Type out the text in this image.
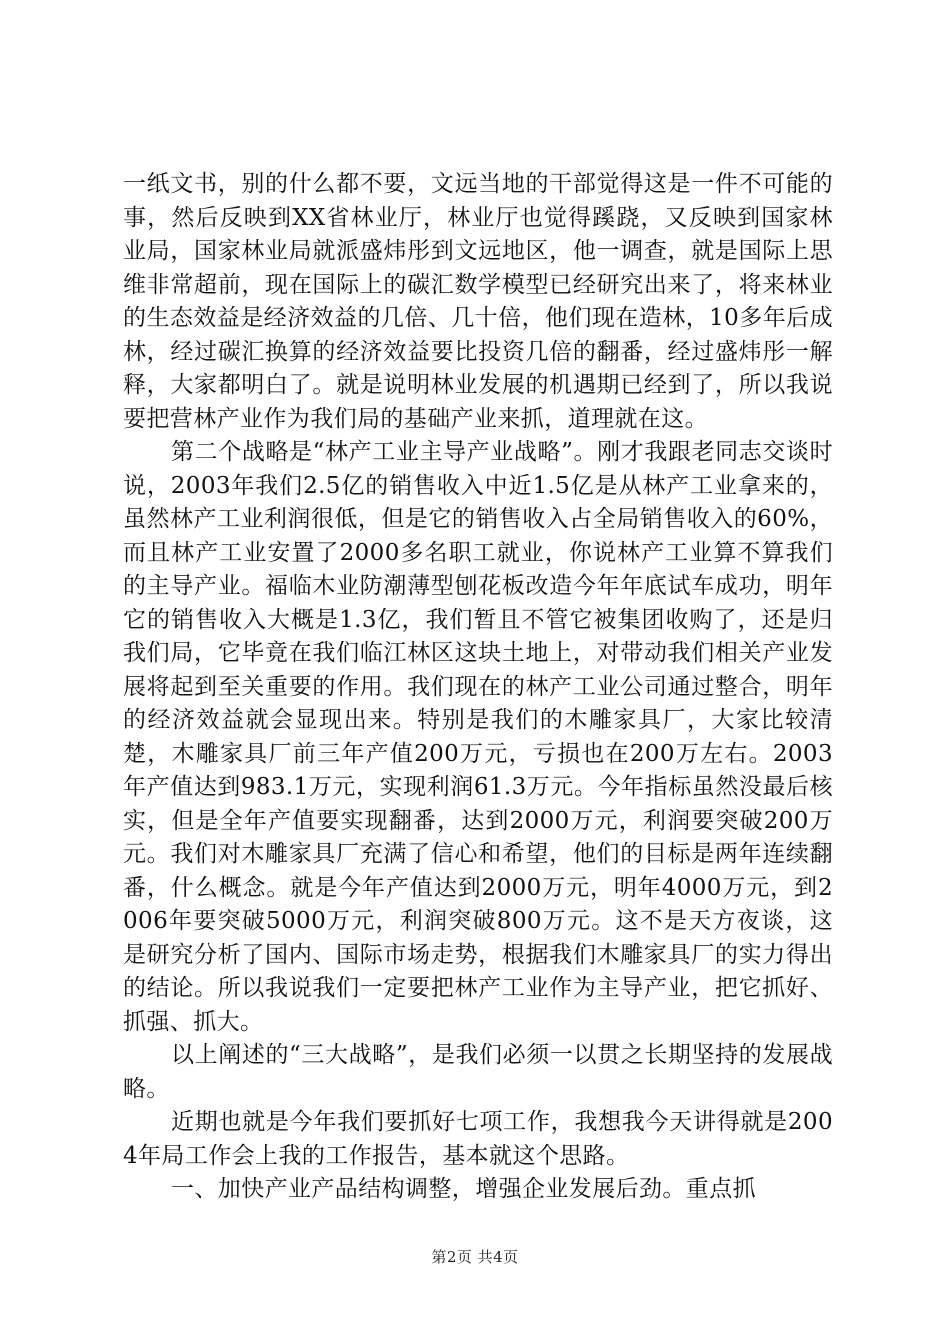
一纸文书，别的什么都不要，文远当地的干部觉得这是一件不可能的事，然后反映到XX省林业厅，林业厅也觉得蹊跷，又反映到国家林业局，国家林业局就派盛炜彤到文远地区，他一调查，就是国际上思维非常超前，现在国际上的碳汇数学模型已经研究出来了，将来林业的生态效益是经济效益的几倍、几十倍，他们现在造林，10多年后成林，经过碳汇换算的经济效益要比投资几倍的翻番，经过盛炜彤一解释，大家都明白了。就是说明林业发展的机遇期已经到了，所以我说要把营林产业作为我们局的基础产业来抓，道理就在这。

第二个战略是“林产工业主导产业战略”。刚才我跟老同志交谈时说，2003年我们2.5亿的销售收入中近1.5亿是从林产工业拿来的，虽然林产工业利润很低，但是它的销售收入占全局销售收入的60%，而且林产工业安置了2000多名职工就业，你说林产工业算不算我们的主导产业。福临木业防潮薄型刨花板改造今年年底试车成功，明年它的销售收入大概是1.3亿，我们暂且不管它被集团收购了，还是归我们局，它毕竟在我们临江林区这块土地上，对带动我们相关产业发展将起到至关重要的作用。我们现在的林产工业公司通过整合，明年的经济效益就会显现出来。特别是我们的木雕家具厂，大家比较清楚，木雕家具厂前三年产值200万元，亏损也在200万左右。2003年产值达到983.1万元，实现利润61.3万元。今年指标虽然没最后核实，但是全年产值要实现翻番，达到2000万元，利润要突破200万元。我们对木雕家具厂充满了信心和希望，他们的目标是两年连续翻番，什么概念。就是今年产值达到2000万元，明年4000万元，到2006年要突破5000万元，利润突破800万元。这不是天方夜谈，这是研究分析了国内、国际市场走势，根据我们木雕家具厂的实力得出的结论。所以我说我们一定要把林产工业作为主导产业，把它抓好、抓强、抓大。

以上阐述的“三大战略”，是我们必须一以贯之长期坚持的发展战略。

近期也就是今年我们要抓好七项工作，我想我今天讲得就是2004年局工作会上我的工作报告，基本就这个思路。

一、加快产业产品结构调整，增强企业发展后劲。重点抓

第2页 共4页
